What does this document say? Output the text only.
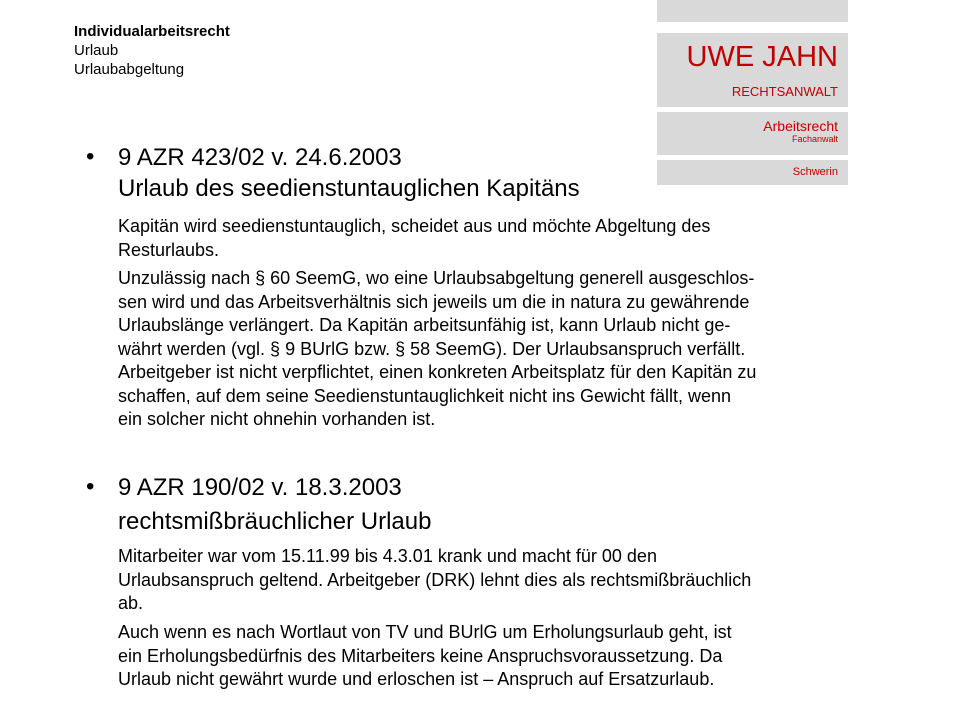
Individualarbeitsrecht
Urlaub
Urlaubabgeltung	UWE JAHN
RECHTSANWALT
Arbeitsrecht
Fachanwalt
Schwerin
• 9 AZR 423/02 v. 24.6.2003
Urlaub des seedienstuntauglichen Kapitäns

Kapitän wird seedienstuntauglich, scheidet aus und möchte Abgeltung des
Resturlaubs.

Unzulässig nach § 60 SeemG, wo eine Urlaubsabgeltung generell ausgeschlos-
sen wird und das Arbeitsverhältnis sich jeweils um die in natura zu gewährende
Urlaubslänge verlängert. Da Kapitän arbeitsunfähig ist, kann Urlaub nicht ge-
währt werden (vgl. § 9 BUrlG bzw. § 58 SeemG). Der Urlaubsanspruch verfällt.
Arbeitgeber ist nicht verpflichtet, einen konkreten Arbeitsplatz für den Kapitän zu
schaffen, auf dem seine Seedienstuntauglichkeit nicht ins Gewicht fällt, wenn
ein solcher nicht ohnehin vorhanden ist.

• 9 AZR 190/02 v. 18.3.2003
rechtsmißbräuchlicher Urlaub

Mitarbeiter war vom 15.11.99 bis 4.3.01 krank und macht für 00 den
Urlaubsanspruch geltend. Arbeitgeber (DRK) lehnt dies als rechtsmißbräuchlich
ab.

Auch wenn es nach Wortlaut von TV und BUrlG um Erholungsurlaub geht, ist
ein Erholungsbedürfnis des Mitarbeiters keine Anspruchsvoraussetzung. Da
Urlaub nicht gewährt wurde und erloschen ist – Anspruch auf Ersatzurlaub.
